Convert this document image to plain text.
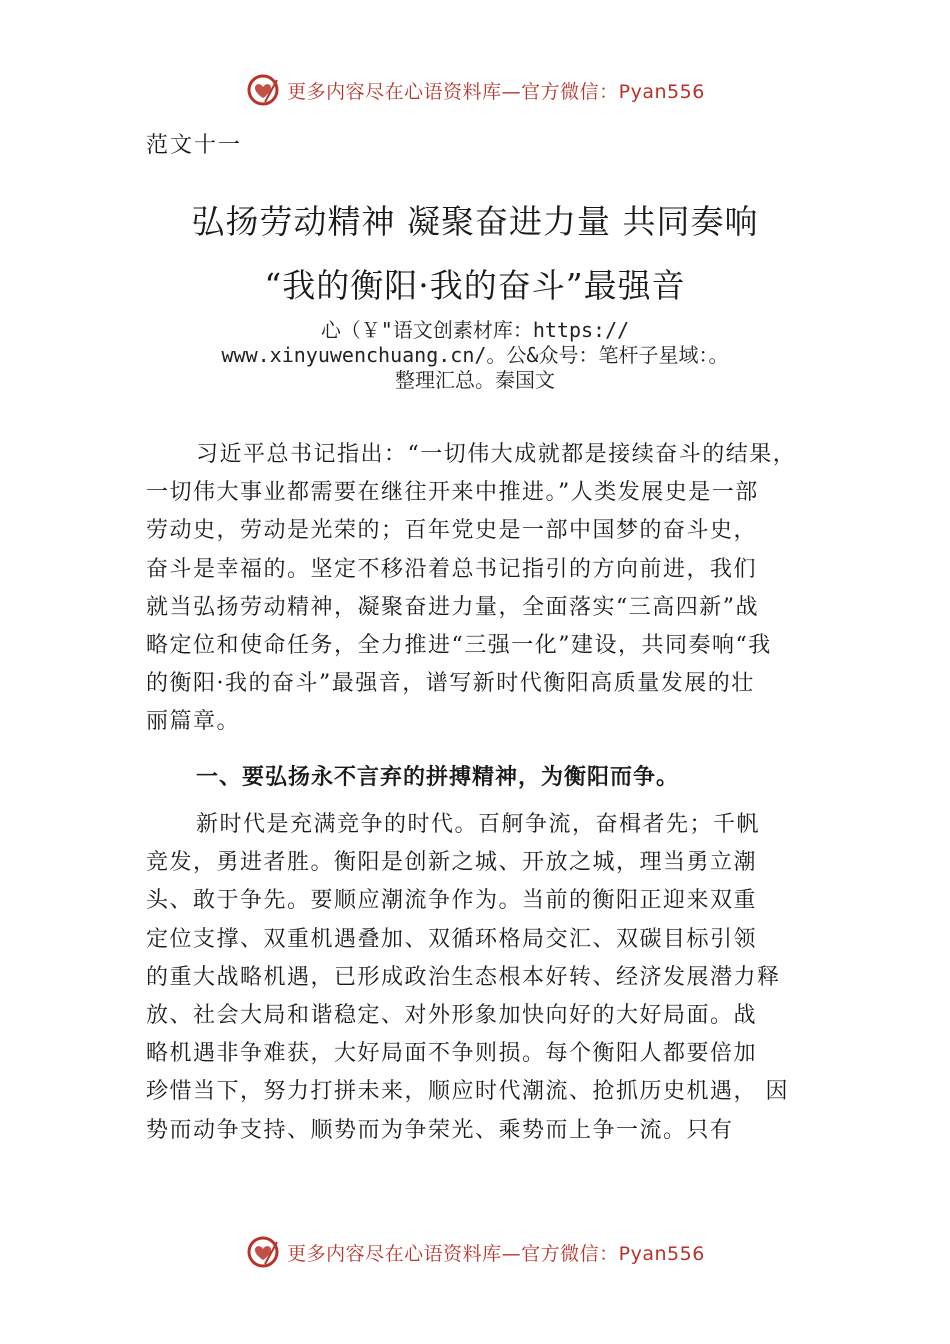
更多内容尽在心语资料库—官方微信：Pyan556
范文十一
弘扬劳动精神 凝聚奋进力量 共同奏响
“我的衡阳·我的奋斗”最强音
心（￥"语文创素材库：https://
www.xinyuwenchuang.cn/。公&众号：笔杆子星域：。
整理汇总。秦国文
习近平总书记指出：“一切伟大成就都是接续奋斗的结果，
一切伟大事业都需要在继往开来中推进。”人类发展史是一部
劳动史，劳动是光荣的；百年党史是一部中国梦的奋斗史，
奋斗是幸福的。坚定不移沿着总书记指引的方向前进，我们
就当弘扬劳动精神，凝聚奋进力量，全面落实“三高四新”战
略定位和使命任务，全力推进“三强一化”建设，共同奏响“我
的衡阳·我的奋斗”最强音，谱写新时代衡阳高质量发展的壮
丽篇章。
一、要弘扬永不言弃的拼搏精神，为衡阳而争。
新时代是充满竞争的时代。百舸争流，奋楫者先；千帆
竞发，勇进者胜。衡阳是创新之城、开放之城，理当勇立潮
头、敢于争先。要顺应潮流争作为。当前的衡阳正迎来双重
定位支撑、双重机遇叠加、双循环格局交汇、双碳目标引领
的重大战略机遇，已形成政治生态根本好转、经济发展潜力释
放、社会大局和谐稳定、对外形象加快向好的大好局面。战
略机遇非争难获，大好局面不争则损。每个衡阳人都要倍加
珍惜当下，努力打拼未来，顺应时代潮流、抢抓历史机遇， 因
势而动争支持、顺势而为争荣光、乘势而上争一流。只有
更多内容尽在心语资料库—官方微信：Pyan556
